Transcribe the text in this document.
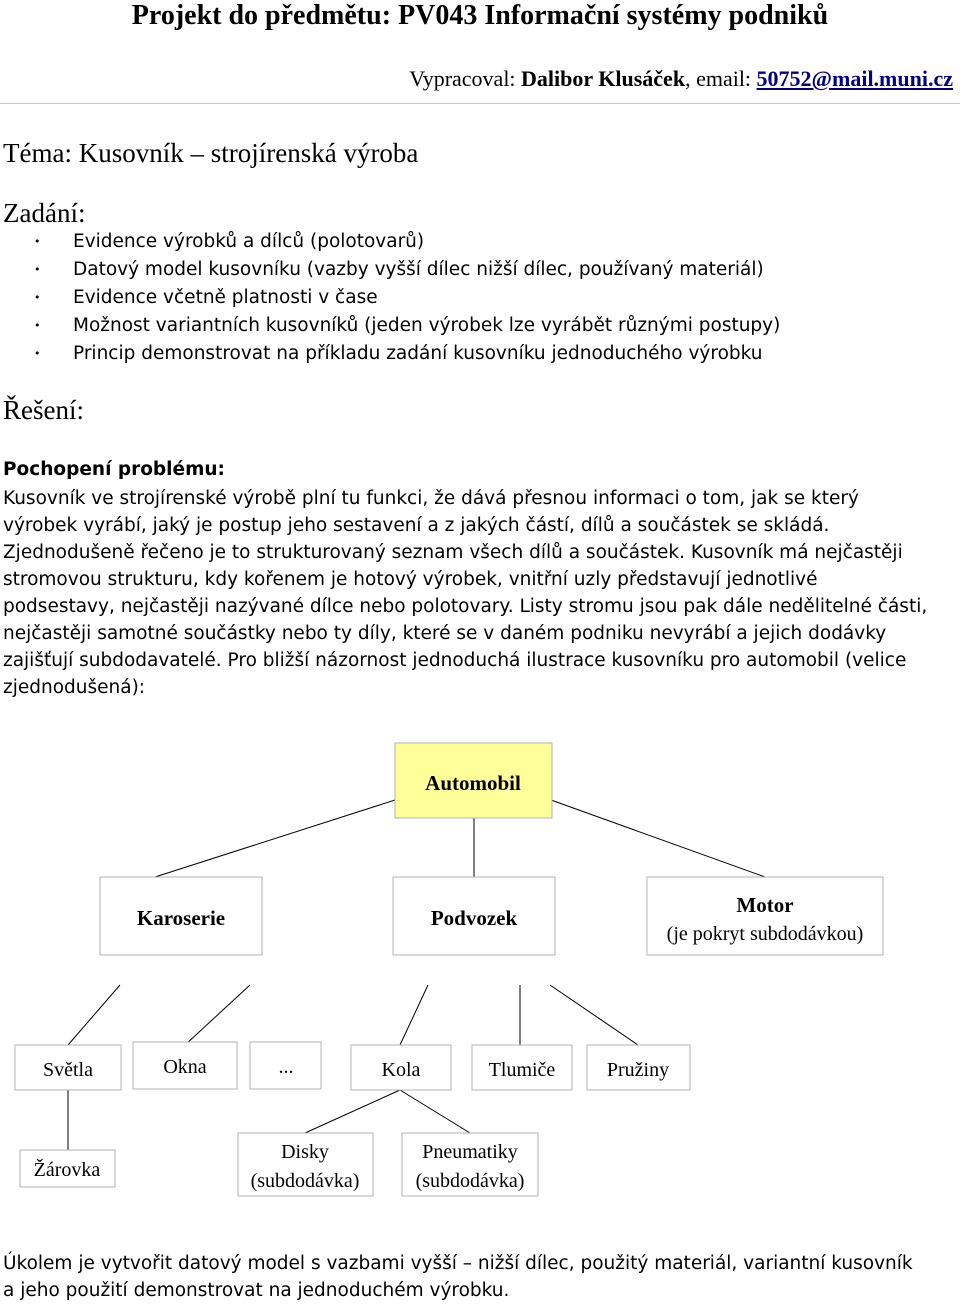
Projekt do předmětu: PV043 Informační systémy podniků
Vypracoval: Dalibor Klusáček, email: 50752@mail.muni.cz
Téma: Kusovník – strojírenská výroba
Zadání:
• Evidence výrobků a dílců (polotovarů)
• Datový model kusovníku (vazby vyšší dílec nižší dílec, používaný materiál)
• Evidence včetně platnosti v čase
• Možnost variantních kusovníků (jeden výrobek lze vyrábět různými postupy)
• Princip demonstrovat na příkladu zadání kusovníku jednoduchého výrobku
Řešení:
Pochopení problému:
Kusovník ve strojírenské výrobě plní tu funkci, že dává přesnou informaci o tom, jak se který
výrobek vyrábí, jaký je postup jeho sestavení a z jakých částí, dílů a součástek se skládá.
Zjednodušeně řečeno je to strukturovaný seznam všech dílů a součástek. Kusovník má nejčastěji
stromovou strukturu, kdy kořenem je hotový výrobek, vnitřní uzly představují jednotlivé
podsestavy, nejčastěji nazývané dílce nebo polotovary. Listy stromu jsou pak dále nedělitelné části,
nejčastěji samotné součástky nebo ty díly, které se v daném podniku nevyrábí a jejich dodávky
zajišťují subdodavatelé. Pro bližší názornost jednoduchá ilustrace kusovníku pro automobil (velice
zjednodušená):
Automobil
Karoserie	Podvozek
Motor
(je pokryt subdodávkou)
Světla	Okna	...	Kola	Tlumiče	Pružiny
Žárovka
Disky
(subdodávka)
Pneumatiky
(subdodávka)
Úkolem je vytvořit datový model s vazbami vyšší – nižší dílec, použitý materiál, variantní kusovník
a jeho použití demonstrovat na jednoduchém výrobku.
